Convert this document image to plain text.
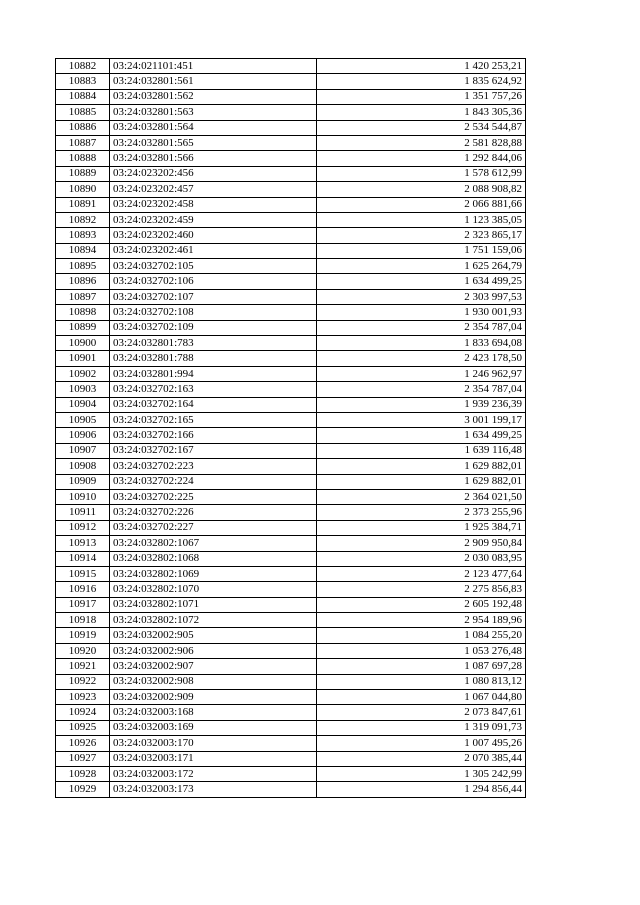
10882	03:24:021101:451	1 420 253,21
10883	03:24:032801:561	1 835 624,92
10884	03:24:032801:562	1 351 757,26
10885	03:24:032801:563	1 843 305,36
10886	03:24:032801:564	2 534 544,87
10887	03:24:032801:565	2 581 828,88
10888	03:24:032801:566	1 292 844,06
10889	03:24:023202:456	1 578 612,99
10890	03:24:023202:457	2 088 908,82
10891	03:24:023202:458	2 066 881,66
10892	03:24:023202:459	1 123 385,05
10893	03:24:023202:460	2 323 865,17
10894	03:24:023202:461	1 751 159,06
10895	03:24:032702:105	1 625 264,79
10896	03:24:032702:106	1 634 499,25
10897	03:24:032702:107	2 303 997,53
10898	03:24:032702:108	1 930 001,93
10899	03:24:032702:109	2 354 787,04
10900	03:24:032801:783	1 833 694,08
10901	03:24:032801:788	2 423 178,50
10902	03:24:032801:994	1 246 962,97
10903	03:24:032702:163	2 354 787,04
10904	03:24:032702:164	1 939 236,39
10905	03:24:032702:165	3 001 199,17
10906	03:24:032702:166	1 634 499,25
10907	03:24:032702:167	1 639 116,48
10908	03:24:032702:223	1 629 882,01
10909	03:24:032702:224	1 629 882,01
10910	03:24:032702:225	2 364 021,50
10911	03:24:032702:226	2 373 255,96
10912	03:24:032702:227	1 925 384,71
10913	03:24:032802:1067	2 909 950,84
10914	03:24:032802:1068	2 030 083,95
10915	03:24:032802:1069	2 123 477,64
10916	03:24:032802:1070	2 275 856,83
10917	03:24:032802:1071	2 605 192,48
10918	03:24:032802:1072	2 954 189,96
10919	03:24:032002:905	1 084 255,20
10920	03:24:032002:906	1 053 276,48
10921	03:24:032002:907	1 087 697,28
10922	03:24:032002:908	1 080 813,12
10923	03:24:032002:909	1 067 044,80
10924	03:24:032003:168	2 073 847,61
10925	03:24:032003:169	1 319 091,73
10926	03:24:032003:170	1 007 495,26
10927	03:24:032003:171	2 070 385,44
10928	03:24:032003:172	1 305 242,99
10929	03:24:032003:173	1 294 856,44
